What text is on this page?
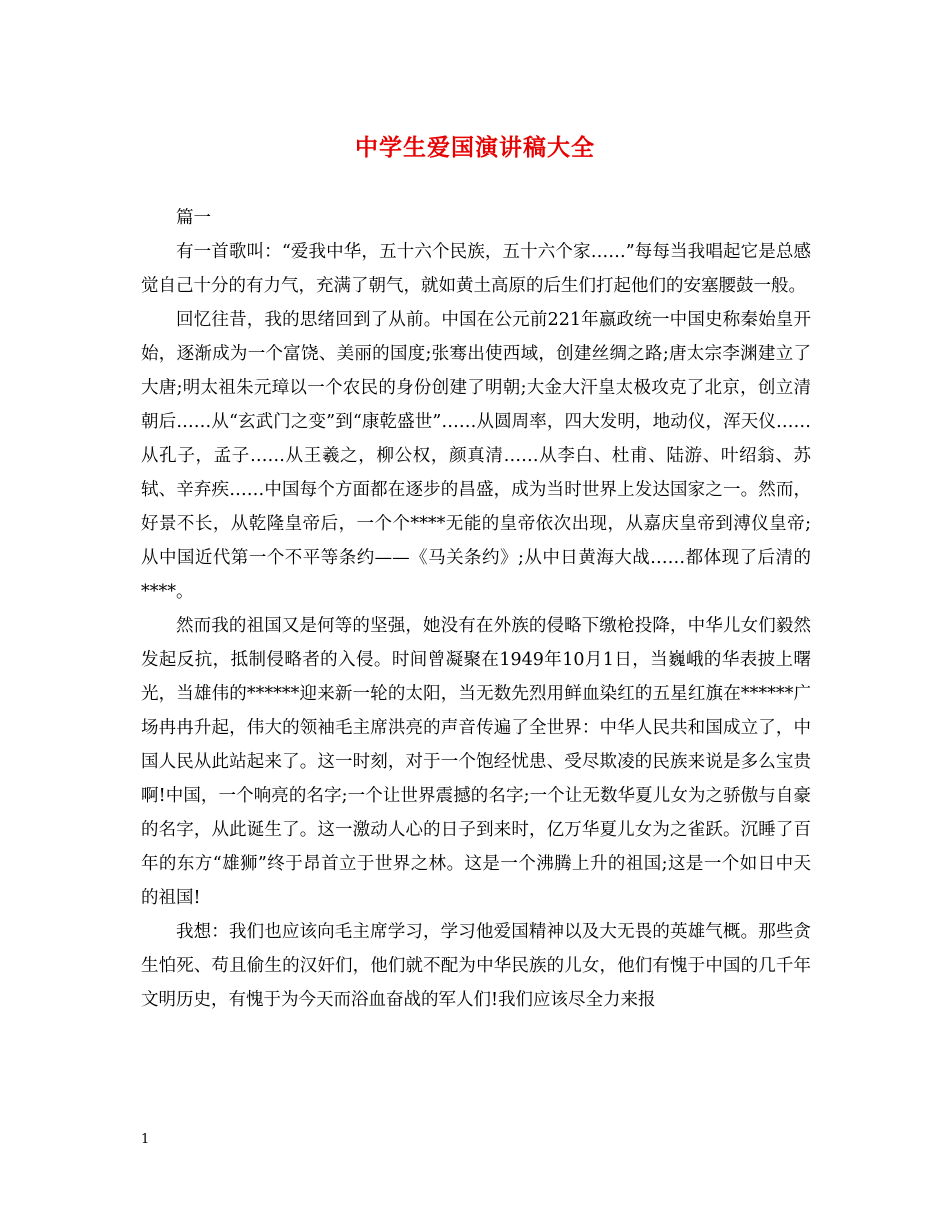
中学生爱国演讲稿大全

篇一

有一首歌叫：“爱我中华，五十六个民族，五十六个家……”每每当我唱起它是总感觉自己十分的有力气，充满了朝气，就如黄土高原的后生们打起他们的安塞腰鼓一般。

回忆往昔，我的思绪回到了从前。中国在公元前221年嬴政统一中国史称秦始皇开始，逐渐成为一个富饶、美丽的国度;张骞出使西域，创建丝绸之路;唐太宗李渊建立了大唐;明太祖朱元璋以一个农民的身份创建了明朝;大金大汗皇太极攻克了北京，创立清朝后……从“玄武门之变”到“康乾盛世”……从圆周率，四大发明，地动仪，浑天仪……从孔子，孟子……从王羲之，柳公权，颜真清……从李白、杜甫、陆游、叶绍翁、苏轼、辛弃疾……中国每个方面都在逐步的昌盛，成为当时世界上发达国家之一。然而，好景不长，从乾隆皇帝后，一个个****无能的皇帝依次出现，从嘉庆皇帝到溥仪皇帝;从中国近代第一个不平等条约——《马关条约》;从中日黄海大战……都体现了后清的****。

然而我的祖国又是何等的坚强，她没有在外族的侵略下缴枪投降，中华儿女们毅然发起反抗，抵制侵略者的入侵。时间曾凝聚在1949年10月1日，当巍峨的华表披上曙光，当雄伟的******迎来新一轮的太阳，当无数先烈用鲜血染红的五星红旗在******广场冉冉升起，伟大的领袖毛主席洪亮的声音传遍了全世界：中华人民共和国成立了，中国人民从此站起来了。这一时刻，对于一个饱经忧患、受尽欺凌的民族来说是多么宝贵啊!中国，一个响亮的名字;一个让世界震撼的名字;一个让无数华夏儿女为之骄傲与自豪的名字，从此诞生了。这一激动人心的日子到来时，亿万华夏儿女为之雀跃。沉睡了百年的东方“雄狮”终于昂首立于世界之林。这是一个沸腾上升的祖国;这是一个如日中天的祖国!

我想：我们也应该向毛主席学习，学习他爱国精神以及大无畏的英雄气概。那些贪生怕死、苟且偷生的汉奸们，他们就不配为中华民族的儿女，他们有愧于中国的几千年文明历史，有愧于为今天而浴血奋战的军人们!我们应该尽全力来报

1
